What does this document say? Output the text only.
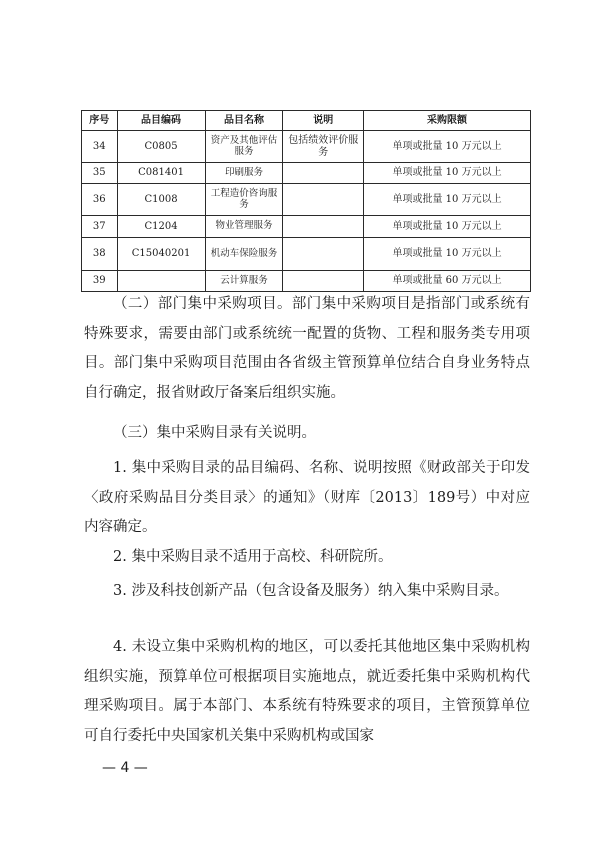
序号	品目编码	品目名称	说明	采购限额
34	C0805	资产及其他评估服务	包括绩效评价服务	单项或批量 10 万元以上
35	C081401	印刷服务		单项或批量 10 万元以上
36	C1008	工程造价咨询服务		单项或批量 10 万元以上
37	C1204	物业管理服务		单项或批量 10 万元以上
38	C15040201	机动车保险服务		单项或批量 10 万元以上
39		云计算服务		单项或批量 60 万元以上

（二）部门集中采购项目。部门集中采购项目是指部门或系统有特殊要求，需要由部门或系统统一配置的货物、工程和服务类专用项目。部门集中采购项目范围由各省级主管预算单位结合自身业务特点自行确定，报省财政厅备案后组织实施。

（三）集中采购目录有关说明。

1. 集中采购目录的品目编码、名称、说明按照《财政部关于印发〈政府采购品目分类目录〉的通知》（财库〔2013〕189号）中对应内容确定。

2. 集中采购目录不适用于高校、科研院所。

3. 涉及科技创新产品（包含设备及服务）纳入集中采购目录。

4. 未设立集中采购机构的地区，可以委托其他地区集中采购机构组织实施，预算单位可根据项目实施地点，就近委托集中采购机构代理采购项目。属于本部门、本系统有特殊要求的项目，主管预算单位可自行委托中央国家机关集中采购机构或国家

— 4 —
